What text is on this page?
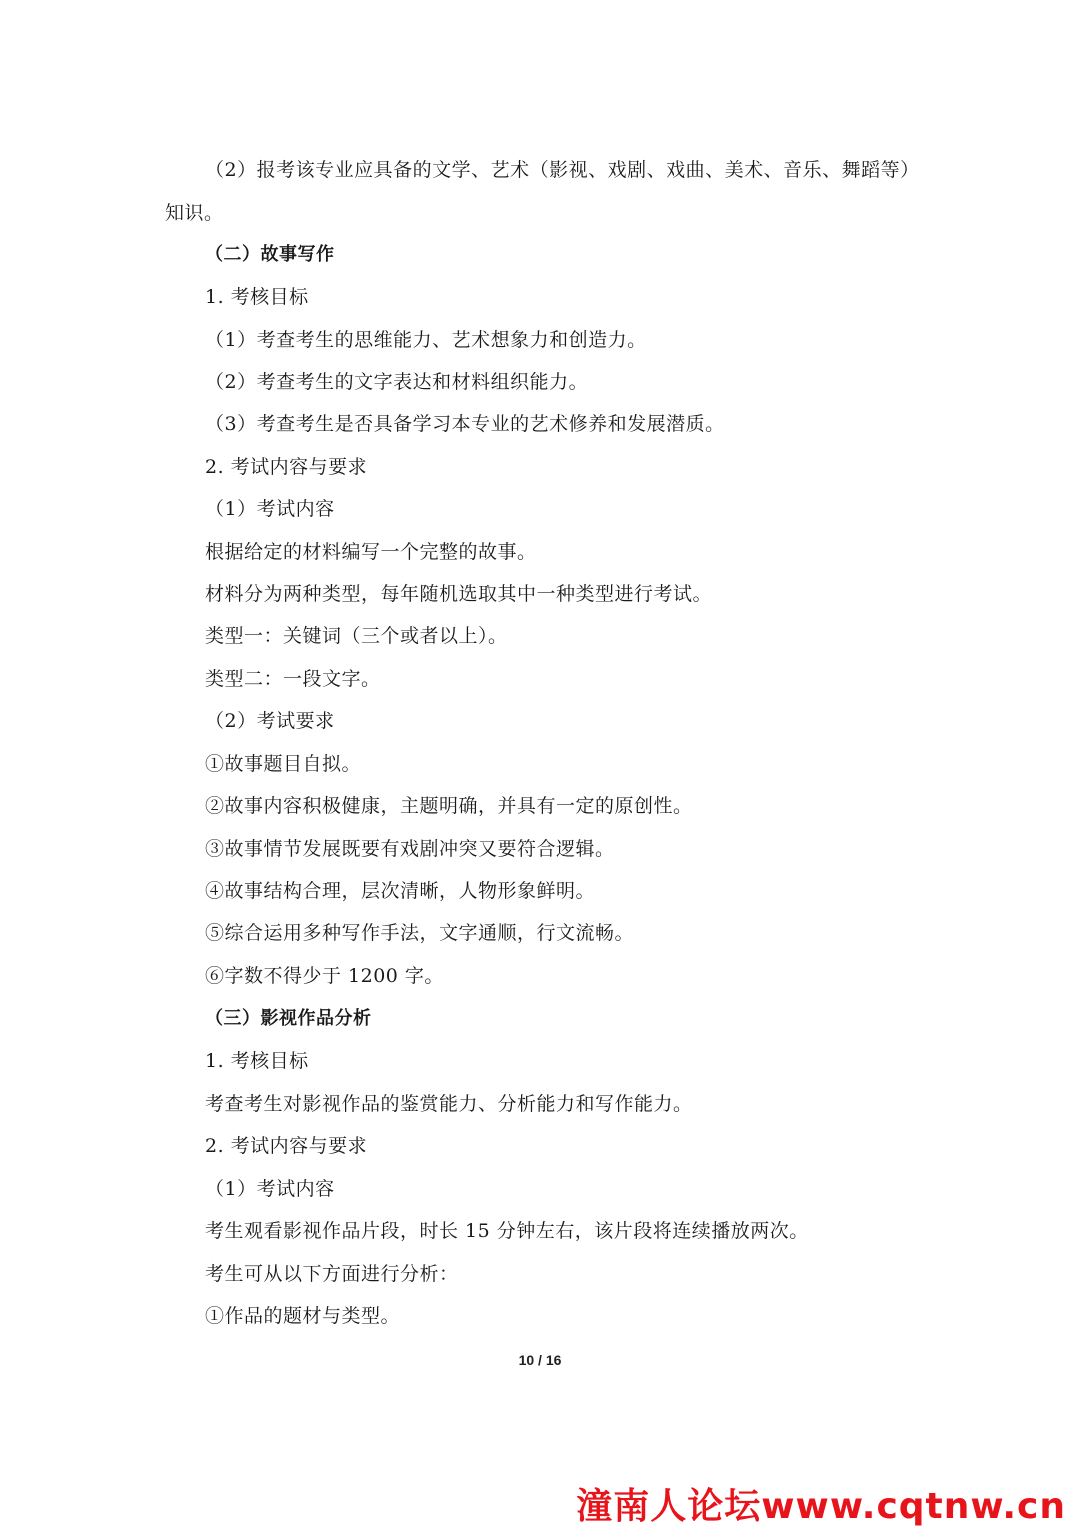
（2）报考该专业应具备的文学、艺术（影视、戏剧、戏曲、美术、音乐、舞蹈等）
知识。
（二）故事写作
1. 考核目标
（1）考查考生的思维能力、艺术想象力和创造力。
（2）考查考生的文字表达和材料组织能力。
（3）考查考生是否具备学习本专业的艺术修养和发展潜质。
2. 考试内容与要求
（1）考试内容
根据给定的材料编写一个完整的故事。
材料分为两种类型，每年随机选取其中一种类型进行考试。
类型一：关键词（三个或者以上）。
类型二：一段文字。
（2）考试要求
①故事题目自拟。
②故事内容积极健康，主题明确，并具有一定的原创性。
③故事情节发展既要有戏剧冲突又要符合逻辑。
④故事结构合理，层次清晰，人物形象鲜明。
⑤综合运用多种写作手法，文字通顺，行文流畅。
⑥字数不得少于 1200 字。
（三）影视作品分析
1. 考核目标
考查考生对影视作品的鉴赏能力、分析能力和写作能力。
2. 考试内容与要求
（1）考试内容
考生观看影视作品片段，时长 15 分钟左右，该片段将连续播放两次。
考生可从以下方面进行分析：
①作品的题材与类型。
10 / 16
潼南人论坛www.cqtnw.cn
